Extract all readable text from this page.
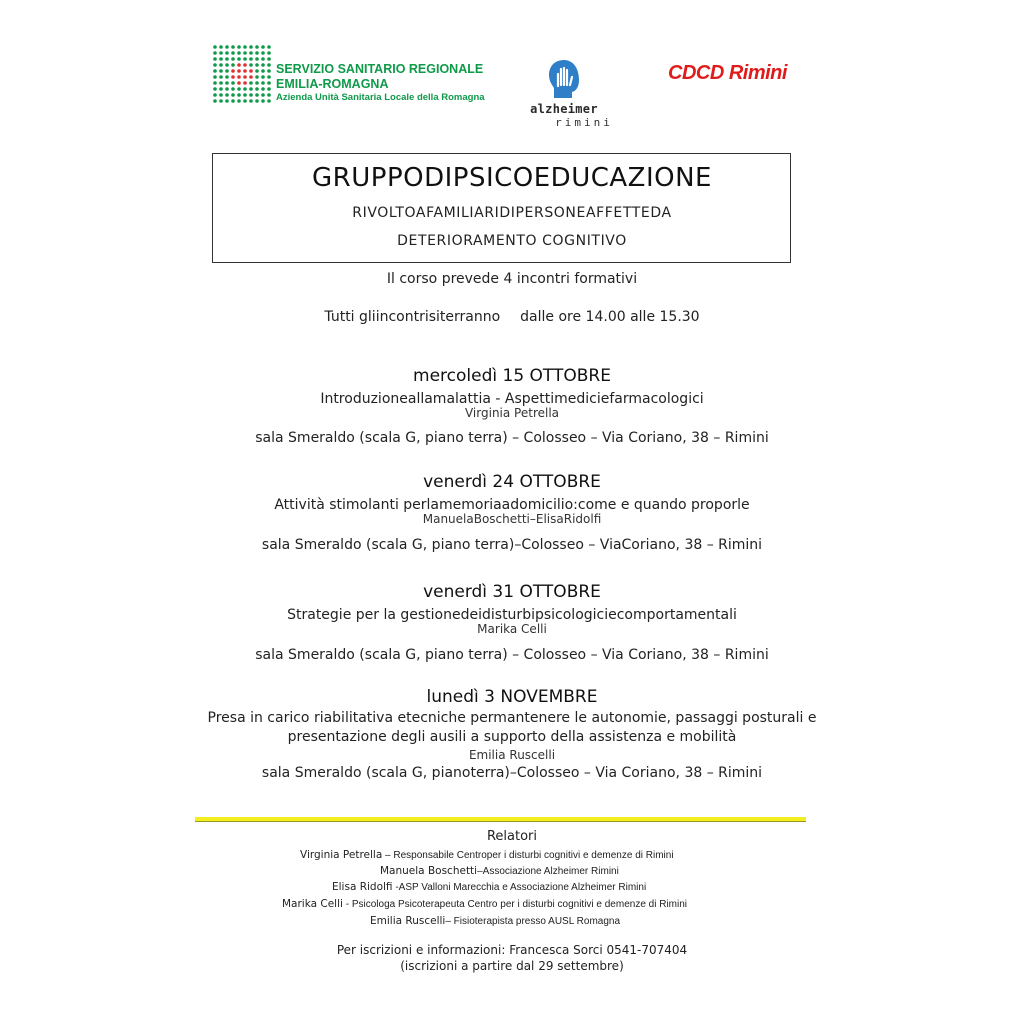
SERVIZIO SANITARIO REGIONALE
EMILIA-ROMAGNA
Azienda Unità Sanitaria Locale della Romagna
alzheimer
rimini
CDCD Rimini
GRUPPODIPSICOEDUCAZIONE
RIVOLTOAFAMILIARIDIPERSONEAFFETTEDA
DETERIORAMENTO COGNITIVO
Il corso prevede 4 incontri formativi
Tutti gliincontrisiterranno dalle ore 14.00 alle 15.30
mercoledì 15 OTTOBRE
Introduzioneallamalattia - Aspettimediciefarmacologici
Virginia Petrella
sala Smeraldo (scala G, piano terra) – Colosseo – Via Coriano, 38 – Rimini
venerdì 24 OTTOBRE
Attività stimolanti perlamemoriaadomicilio:come e quando proporle
ManuelaBoschetti–ElisaRidolfi
sala Smeraldo (scala G, piano terra)–Colosseo – ViaCoriano, 38 – Rimini
venerdì 31 OTTOBRE
Strategie per la gestionedeidisturbipsicologiciecomportamentali
Marika Celli
sala Smeraldo (scala G, piano terra) – Colosseo – Via Coriano, 38 – Rimini
lunedì 3 NOVEMBRE
Presa in carico riabilitativa etecniche permantenere le autonomie, passaggi posturali e
presentazione degli ausili a supporto della assistenza e mobilità
Emilia Ruscelli
sala Smeraldo (scala G, pianoterra)–Colosseo – Via Coriano, 38 – Rimini
Relatori
Virginia Petrella – Responsabile Centroper i disturbi cognitivi e demenze di Rimini
Manuela Boschetti–Associazione Alzheimer Rimini
Elisa Ridolfi -ASP Valloni Marecchia e Associazione Alzheimer Rimini
Marika Celli - Psicologa Psicoterapeuta Centro per i disturbi cognitivi e demenze di Rimini
Emilia Ruscelli– Fisioterapista presso AUSL Romagna
Per iscrizioni e informazioni: Francesca Sorci 0541-707404
(iscrizioni a partire dal 29 settembre)
